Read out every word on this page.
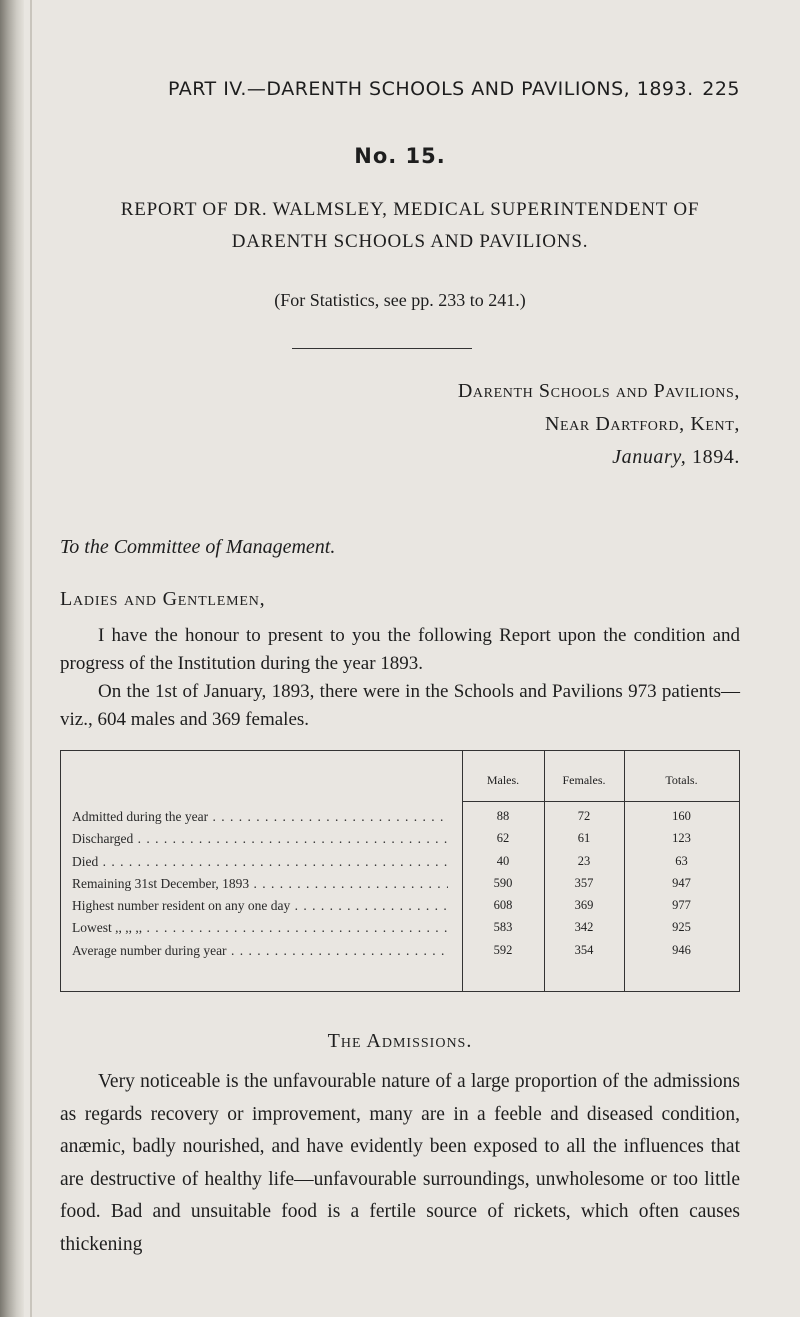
PART IV.—DARENTH SCHOOLS AND PAVILIONS, 1893. 225
No. 15.
REPORT OF DR. WALMSLEY, MEDICAL SUPERINTENDENT OF
DARENTH SCHOOLS AND PAVILIONS.
(For Statistics, see pp. 233 to 241.)
Darenth Schools and Pavilions,
Near Dartford, Kent,
January, 1894.
To the Committee of Management.
Ladies and Gentlemen,
I have the honour to present to you the following Report upon the condition and progress of the Institution during the year 1893.
On the 1st of January, 1893, there were in the Schools and Pavilions 973 patients—viz., 604 males and 369 females.
Males.	Females.	Totals.
Admitted during the year . . .	88	72	160
Discharged . . .	62	61	123
Died . . .	40	23	63
Remaining 31st December, 1893 . . .	590	357	947
Highest number resident on any one day . . .	608	369	977
Lowest ,, ,, ,, . . .	583	342	925
Average number during year . . .	592	354	946
The Admissions.
Very noticeable is the unfavourable nature of a large proportion of the admissions as regards recovery or improvement, many are in a feeble and diseased condition, anæmic, badly nourished, and have evidently been exposed to all the influences that are destructive of healthy life—unfavourable surroundings, unwholesome or too little food. Bad and unsuitable food is a fertile source of rickets, which often causes thickening
